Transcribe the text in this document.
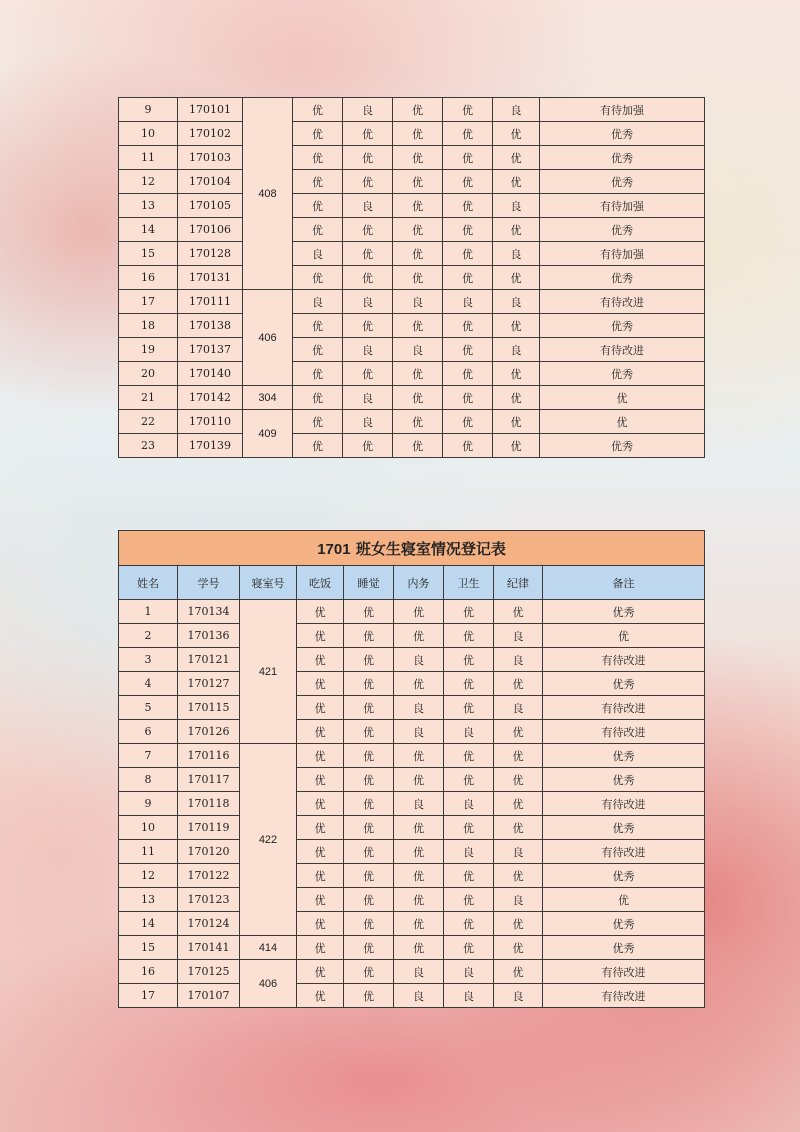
9	170101	408	优	良	优	优	良	有待加强
10	170102		优	优	优	优	优	优秀
11	170103		优	优	优	优	优	优秀
12	170104		优	优	优	优	优	优秀
13	170105		优	良	优	优	良	有待加强
14	170106		优	优	优	优	优	优秀
15	170128		良	优	优	优	良	有待加强
16	170131		优	优	优	优	优	优秀
17	170111	406	良	良	良	良	良	有待改进
18	170138		优	优	优	优	优	优秀
19	170137		优	良	良	优	良	有待改进
20	170140		优	优	优	优	优	优秀
21	170142	304	优	良	优	优	优	优
22	170110	409	优	良	优	优	优	优
23	170139		优	优	优	优	优	优秀
1701 班女生寝室情况登记表								
姓名	学号	寝室号	吃饭	睡觉	内务	卫生	纪律	备注
1	170134	421	优	优	优	优	优	优秀
2	170136		优	优	优	优	良	优
3	170121		优	优	良	优	良	有待改进
4	170127		优	优	优	优	优	优秀
5	170115		优	优	良	优	良	有待改进
6	170126		优	优	良	良	优	有待改进
7	170116	422	优	优	优	优	优	优秀
8	170117		优	优	优	优	优	优秀
9	170118		优	优	良	良	优	有待改进
10	170119		优	优	优	优	优	优秀
11	170120		优	优	优	良	良	有待改进
12	170122		优	优	优	优	优	优秀
13	170123		优	优	优	优	良	优
14	170124		优	优	优	优	优	优秀
15	170141	414	优	优	优	优	优	优秀
16	170125	406	优	优	良	良	优	有待改进
17	170107		优	优	良	良	良	有待改进
